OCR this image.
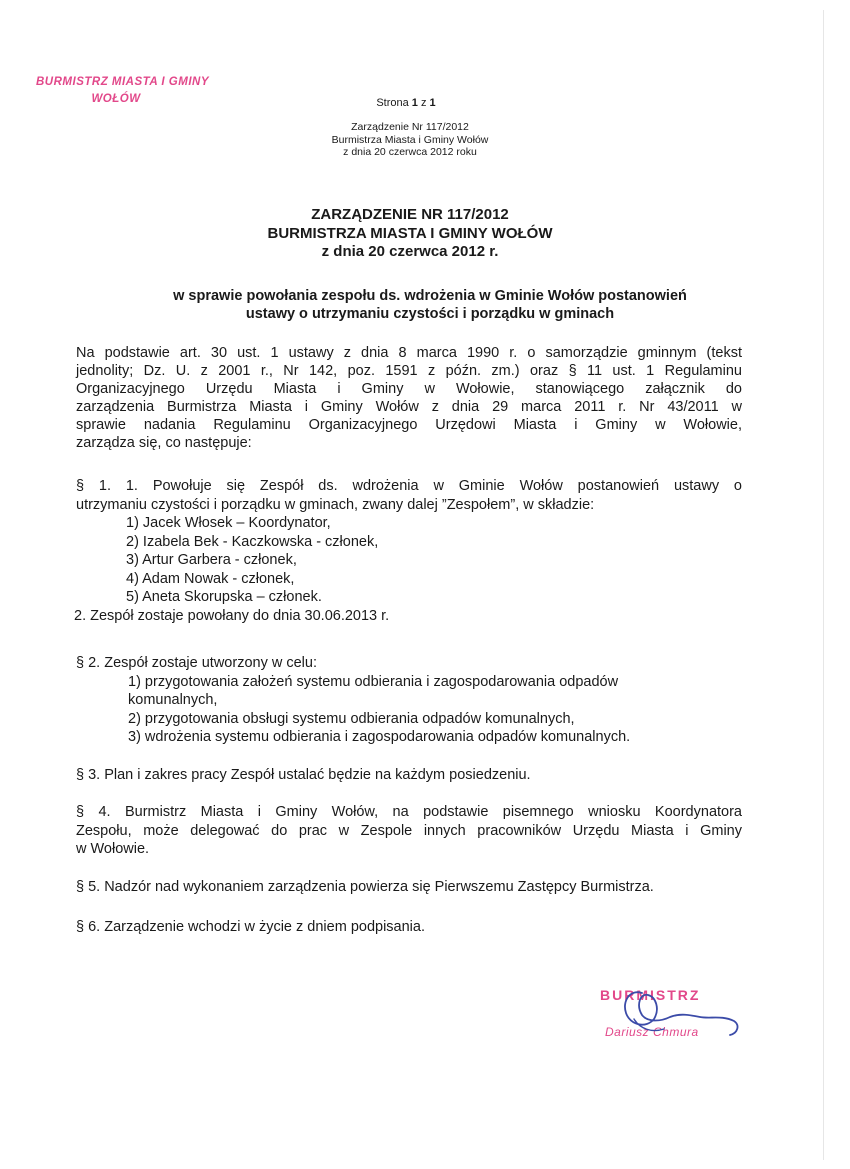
BURMISTRZ MIASTA I GMINY
WOŁÓW	Strona 1 z 1
Zarządzenie Nr 117/2012
Burmistrza Miasta i Gminy Wołów
z dnia 20 czerwca 2012 roku
ZARZĄDZENIE NR 117/2012
BURMISTRZA MIASTA I GMINY WOŁÓW
z dnia 20 czerwca 2012 r.
w sprawie powołania zespołu ds. wdrożenia w Gminie Wołów postanowień
ustawy o utrzymaniu czystości i porządku w gminach
Na podstawie art. 30 ust. 1 ustawy z dnia 8 marca 1990 r. o samorządzie gminnym (tekst
jednolity; Dz. U. z 2001 r., Nr 142, poz. 1591 z późn. zm.) oraz § 11 ust. 1 Regulaminu
Organizacyjnego Urzędu Miasta i Gminy w Wołowie, stanowiącego załącznik do
zarządzenia Burmistrza Miasta i Gminy Wołów z dnia 29 marca 2011 r. Nr 43/2011 w
sprawie nadania Regulaminu Organizacyjnego Urzędowi Miasta i Gminy w Wołowie,
zarządza się, co następuje:
§ 1. 1. Powołuje się Zespół ds. wdrożenia w Gminie Wołów postanowień ustawy o
utrzymaniu czystości i porządku w gminach, zwany dalej ”Zespołem”, w składzie:
1) Jacek Włosek – Koordynator,
2) Izabela Bek - Kaczkowska - członek,
3) Artur Garbera - członek,
4) Adam Nowak - członek,
5) Aneta Skorupska – członek.
2. Zespół zostaje powołany do dnia 30.06.2013 r.
§ 2. Zespół zostaje utworzony w celu:
1) przygotowania założeń systemu odbierania i zagospodarowania odpadów
komunalnych,
2) przygotowania obsługi systemu odbierania odpadów komunalnych,
3) wdrożenia systemu odbierania i zagospodarowania odpadów komunalnych.
§ 3. Plan i zakres pracy Zespół ustalać będzie na każdym posiedzeniu.
§ 4. Burmistrz Miasta i Gminy Wołów, na podstawie pisemnego wniosku Koordynatora
Zespołu, może delegować do prac w Zespole innych pracowników Urzędu Miasta i Gminy
w Wołowie.
§ 5. Nadzór nad wykonaniem zarządzenia powierza się Pierwszemu Zastępcy Burmistrza.
§ 6. Zarządzenie wchodzi w życie z dniem podpisania.
BURMISTRZ
Dariusz Chmura
